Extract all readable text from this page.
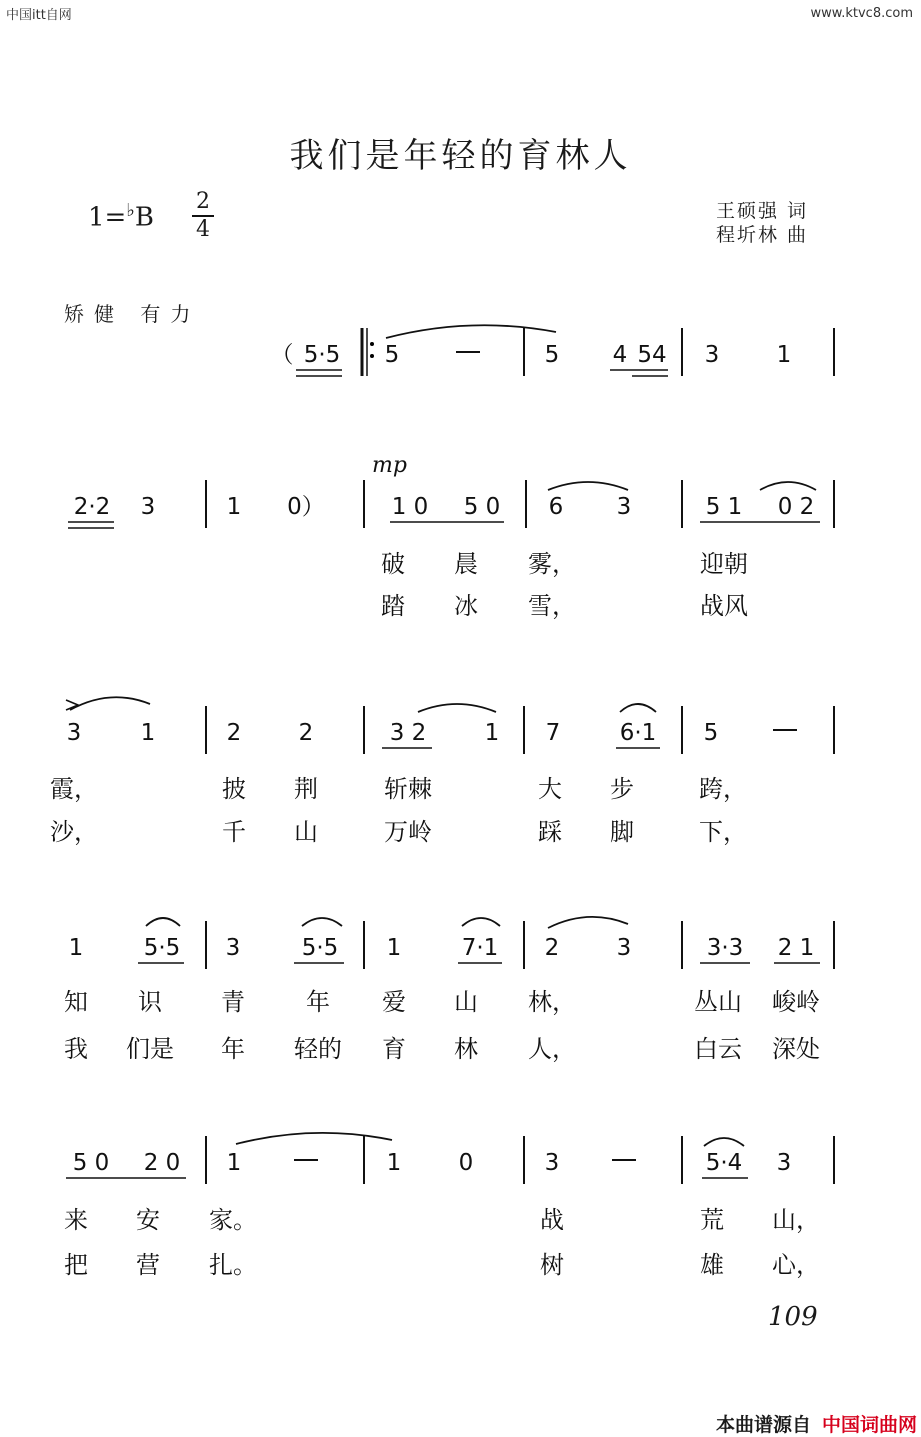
中国itt自网	www.ktvc8.com
我们是年轻的育林人
1=♭B
2
4
王硕强 词
程圻林 曲
矫健 有力
（ 5·5 5	5 4 54 3 1
2·2 3	1 0）	1 0 5 0 6 3	5 1 0 2
破 晨 雾，	迎朝
踏 冰 雪，	战风
3	1	2 2	3 2	1 7	6·1 5
霞，	披 荆	斩棘	大 步	跨，
沙，	千 山	万岭	踩 脚	下，
1	5·5 3	5·5 1	7·1 2 3	3·3 2 1
知 识 青	年 爱 山 林，	丛山 峻岭
我 们是 年 轻的 育 林 人，	白云 深处
5 0 2 0 1	1 0	3	5·4 3
来 安 家。	战	荒 山，
把 营 扎。	树	雄 心，
mp
109
本曲谱源自 中国词曲网
